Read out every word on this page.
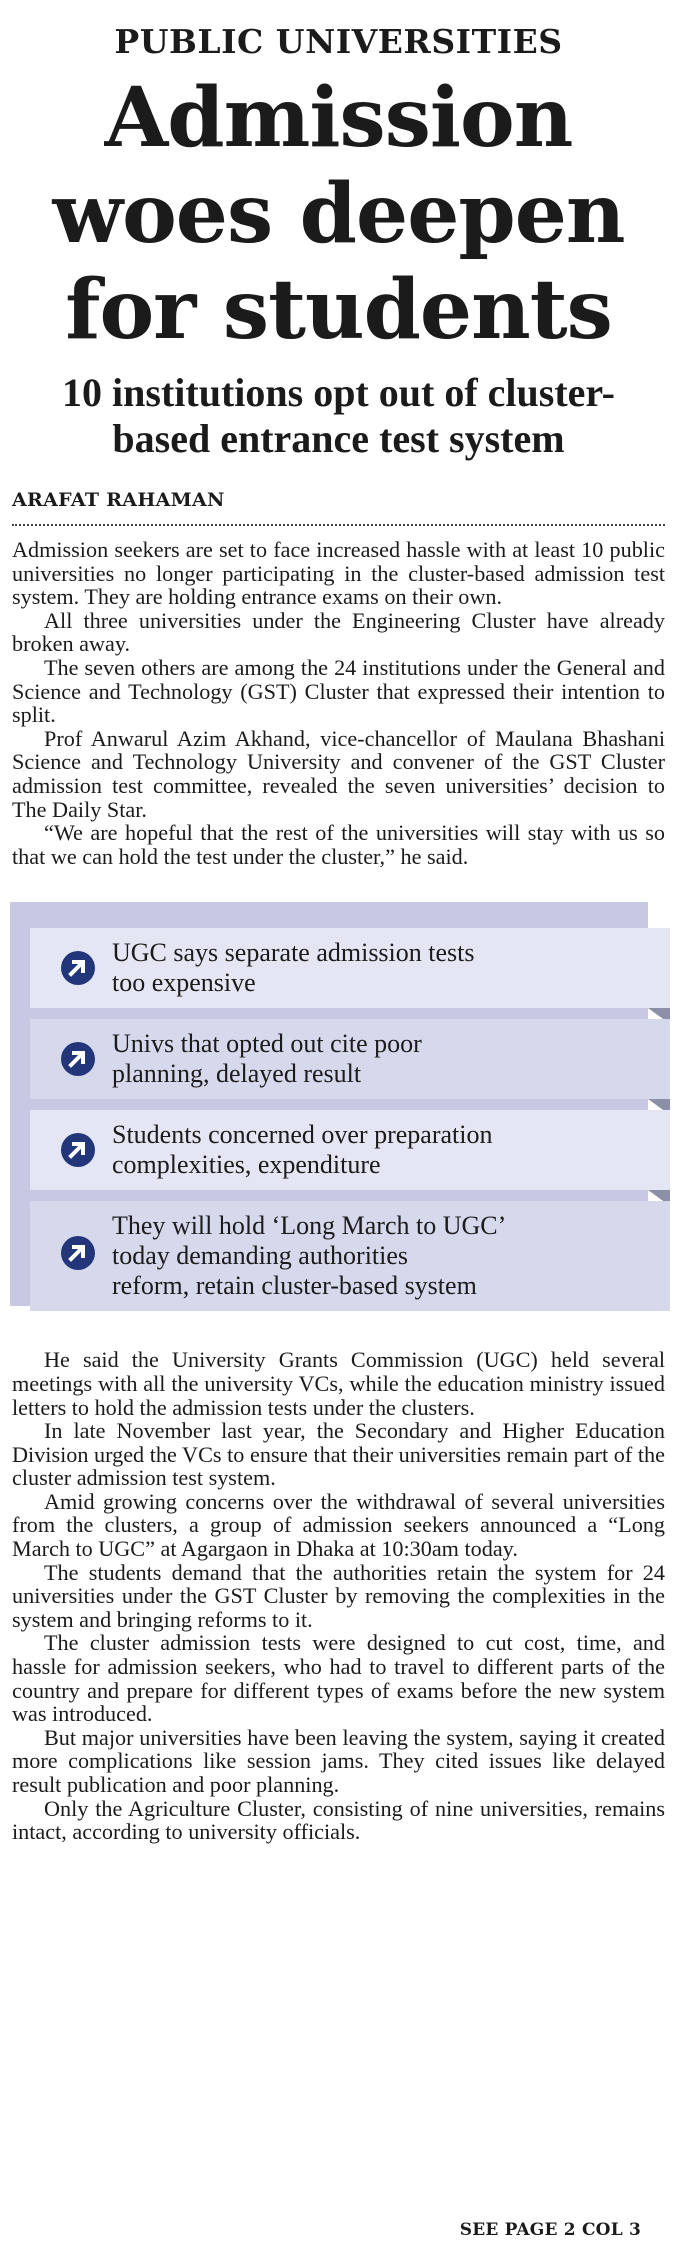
PUBLIC UNIVERSITIES
Admission
woes deepen
for students
10 institutions opt out of cluster-
based entrance test system
ARAFAT RAHAMAN

Admission seekers are set to face increased hassle with at least 10 public universities no longer participating in the cluster-based admission test system. They are holding entrance exams on their own.

All three universities under the Engineering Cluster have already broken away.

The seven others are among the 24 institutions under the General and Science and Technology (GST) Cluster that expressed their intention to split.

Prof Anwarul Azim Akhand, vice-chancellor of Maulana Bhashani Science and Technology University and convener of the GST Cluster admission test committee, revealed the seven universities’ decision to The Daily Star.

“We are hopeful that the rest of the universities will stay with us so that we can hold the test under the cluster,” he said.

UGC says separate admission tests
too expensive
Univs that opted out cite poor
planning, delayed result
Students concerned over preparation
complexities, expenditure
They will hold ‘Long March to UGC’
today demanding authorities
reform, retain cluster-based system

He said the University Grants Commission (UGC) held several meetings with all the university VCs, while the education ministry issued letters to hold the admission tests under the clusters.

In late November last year, the Secondary and Higher Education Division urged the VCs to ensure that their universities remain part of the cluster admission test system.

Amid growing concerns over the withdrawal of several universities from the clusters, a group of admission seekers announced a “Long March to UGC” at Agargaon in Dhaka at 10:30am today.

The students demand that the authorities retain the system for 24 universities under the GST Cluster by removing the complexities in the system and bringing reforms to it.

The cluster admission tests were designed to cut cost, time, and hassle for admission seekers, who had to travel to different parts of the country and prepare for different types of exams before the new system was introduced.

But major universities have been leaving the system, saying it created more complications like session jams. They cited issues like delayed result publication and poor planning.

Only the Agriculture Cluster, consisting of nine universities, remains intact, according to university officials.

SEE PAGE 2 COL 3
